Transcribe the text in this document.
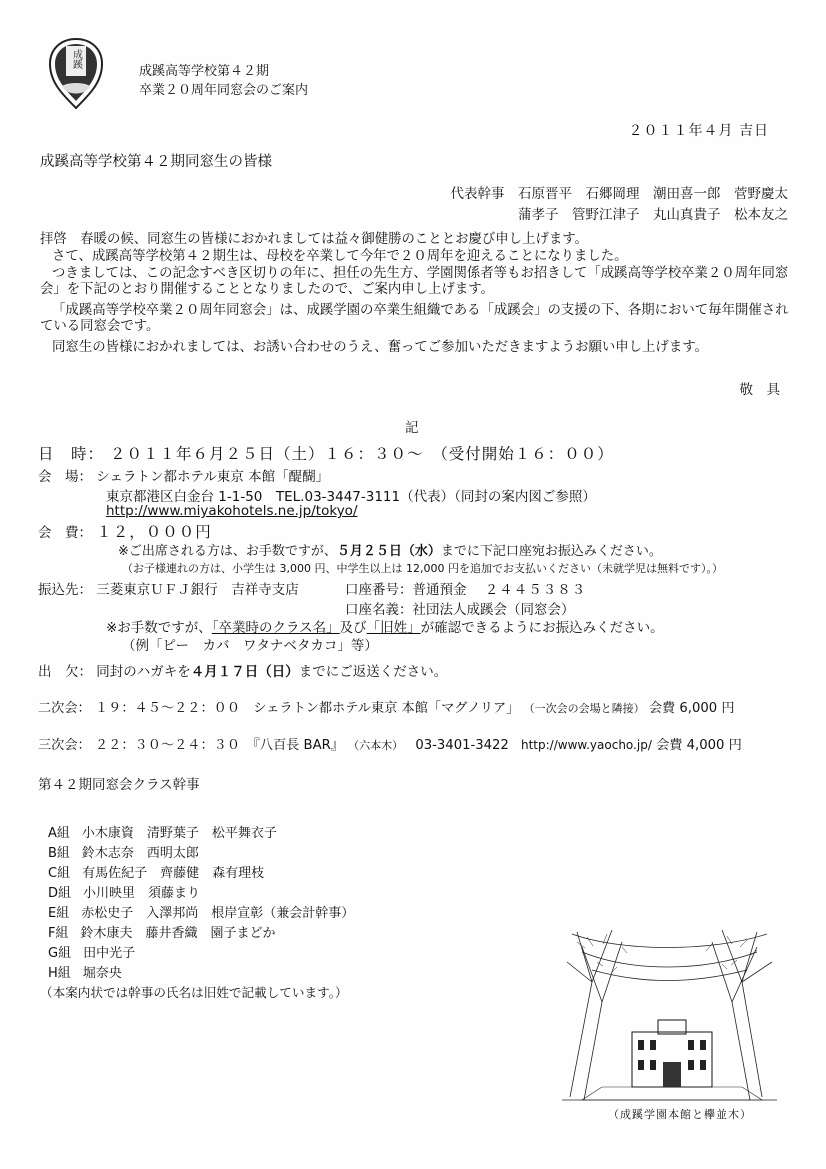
成蹊
成蹊高等学校第４２期
卒業２０周年同窓会のご案内
２０１１年４月 吉日
成蹊高等学校第４２期同窓生の皆様
代表幹事　石原晋平　石郷岡理　潮田喜一郎　菅野慶太
蒲孝子　管野江津子　丸山真貴子　松本友之
拝啓　春暖の候、同窓生の皆様におかれましては益々御健勝のこととお慶び申し上げます。
さて、成蹊高等学校第４２期生は、母校を卒業して今年で２０周年を迎えることになりました。
つきましては、この記念すべき区切りの年に、担任の先生方、学園関係者等もお招きして「成蹊高等学校卒業２０周年同窓会」を下記のとおり開催することとなりましたので、ご案内申し上げます。
「成蹊高等学校卒業２０周年同窓会」は、成蹊学園の卒業生組織である「成蹊会」の支援の下、各期において毎年開催されている同窓会です。
同窓生の皆様におかれましては、お誘い合わせのうえ、奮ってご参加いただきますようお願い申し上げます。
敬　具
記
日　時： ２０１１年６月２５日（土）１６：３０～　（受付開始１６：００）
会　場： シェラトン都ホテル東京 本館「醍醐」
東京都港区白金台 1-1-50　TEL.03-3447-3111（代表）（同封の案内図ご参照）
http://www.miyakohotels.ne.jp/tokyo/
会　費： １２，０００円
※ご出席される方は、お手数ですが、５月２５日（水）までに下記口座宛お振込みください。
（お子様連れの方は、小学生は 3,000 円、中学生以上は 12,000 円を追加でお支払いください（未就学児は無料です）。）
振込先： 三菱東京ＵＦＪ銀行　吉祥寺支店	口座番号：普通預金 ２４４５３８３
口座名義：社団法人成蹊会（同窓会）
※お手数ですが、「卒業時のクラス名」及び「旧姓」が確認できるようにお振込みください。
（例「ピー　カバ　ワタナベタカコ」等）
出　欠： 同封のハガキを４月１７日（日）までにご返送ください。
二次会： １９：４５～２２：００　シェラトン都ホテル東京 本館「マグノリア」 （一次会の会場と隣接） 会費 6,000 円
三次会： ２２：３０～２４：３０　『八百長 BAR』 （六本木） 03-3401-3422 http://www.yaocho.jp/ 会費 4,000 円
第４２期同窓会クラス幹事
A組 小木康資　清野葉子　松平舞衣子
B組 鈴木志奈　西明太郎
C組 有馬佐紀子　齊藤健　森有理枝
D組 小川映里　須藤まり
E組 赤松史子　入澤邦尚　根岸宣彰（兼会計幹事）
F組 鈴木康夫　藤井香織　園子まどか
G組 田中光子
H組 堀奈央
（本案内状では幹事の氏名は旧姓で記載しています。）
（成蹊学園本館と欅並木）
